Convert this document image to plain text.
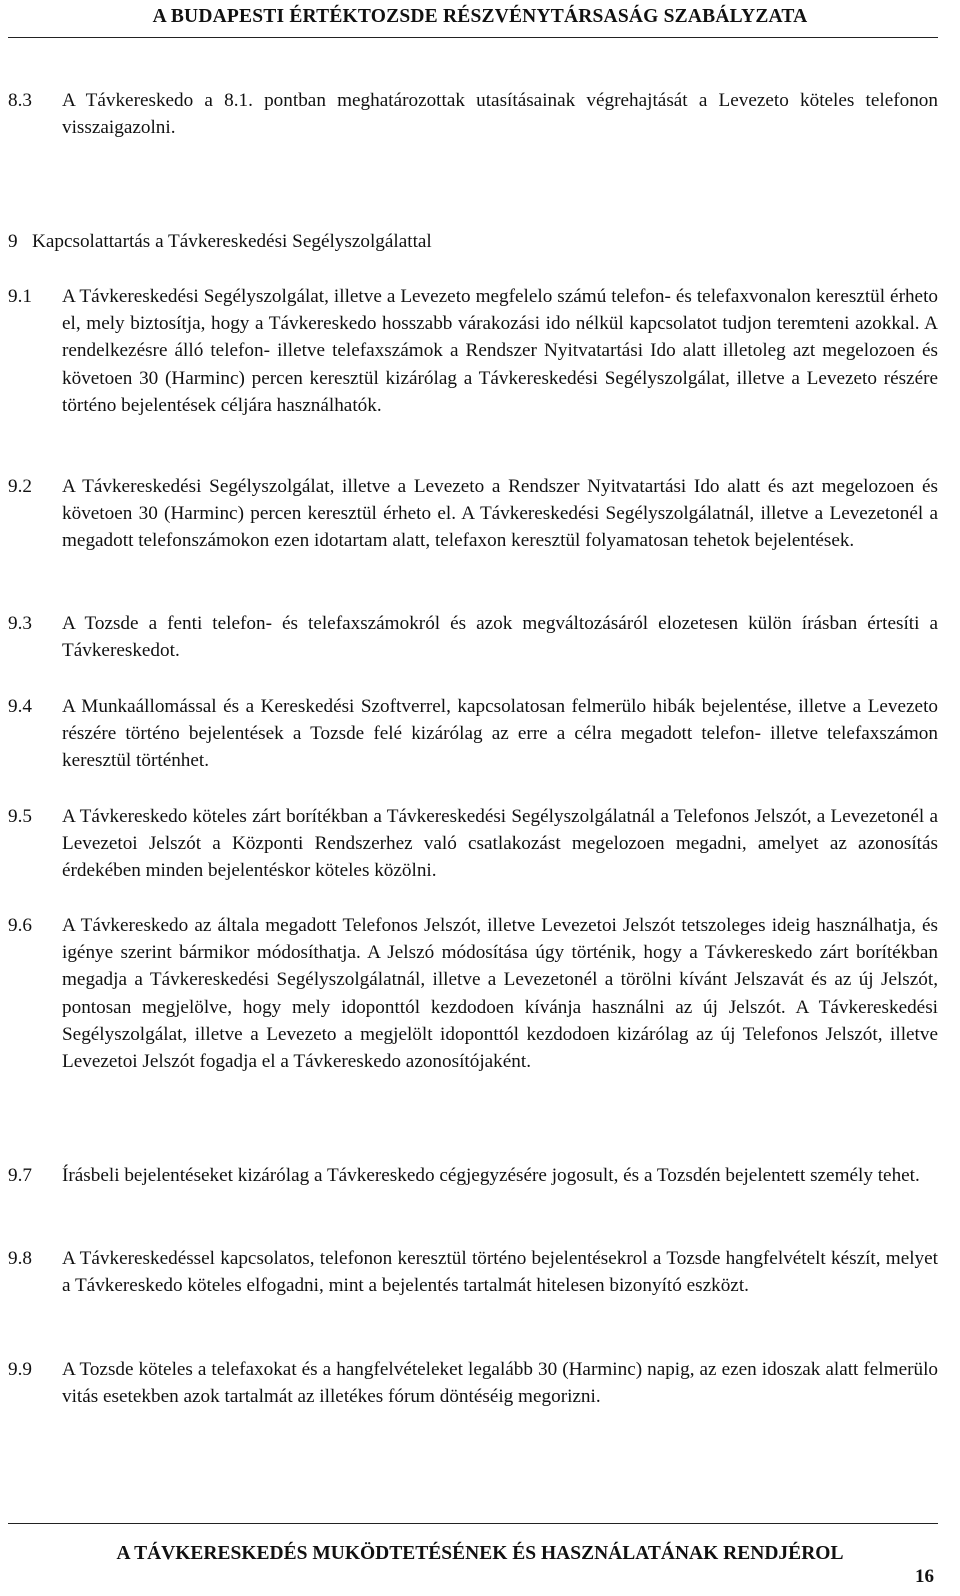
A BUDAPESTI ÉRTÉKTOZSDE RÉSZVÉNYTÁRSASÁG SZABÁLYZATA
8.3 A Távkereskedo a 8.1. pontban meghatározottak utasításainak végrehajtását a Levezeto köteles telefonon visszaigazolni.
9 Kapcsolattartás a Távkereskedési Segélyszolgálattal
9.1 A Távkereskedési Segélyszolgálat, illetve a Levezeto megfelelo számú telefon- és telefaxvonalon keresztül érheto el, mely biztosítja, hogy a Távkereskedo hosszabb várakozási ido nélkül kapcsolatot tudjon teremteni azokkal. A rendelkezésre álló telefon- illetve telefaxszámok a Rendszer Nyitvatartási Ido alatt illetoleg azt megelozoen és követoen 30 (Harminc) percen keresztül kizárólag a Távkereskedési Segélyszolgálat, illetve a Levezeto részére történo bejelentések céljára használhatók.
9.2 A Távkereskedési Segélyszolgálat, illetve a Levezeto a Rendszer Nyitvatartási Ido alatt és azt megelozoen és követoen 30 (Harminc) percen keresztül érheto el. A Távkereskedési Segélyszolgálatnál, illetve a Levezetonél a megadott telefonszámokon ezen idotartam alatt, telefaxon keresztül folyamatosan tehetok bejelentések.
9.3 A Tozsde a fenti telefon- és telefaxszámokról és azok megváltozásáról elozetesen külön írásban értesíti a Távkereskedot.
9.4 A Munkaállomással és a Kereskedési Szoftverrel, kapcsolatosan felmerülo hibák bejelentése, illetve a Levezeto részére történo bejelentések a Tozsde felé kizárólag az erre a célra megadott telefon- illetve telefaxszámon keresztül történhet.
9.5 A Távkereskedo köteles zárt borítékban a Távkereskedési Segélyszolgálatnál a Telefonos Jelszót, a Levezetonél a Levezetoi Jelszót a Központi Rendszerhez való csatlakozást megelozoen megadni, amelyet az azonosítás érdekében minden bejelentéskor köteles közölni.
9.6 A Távkereskedo az általa megadott Telefonos Jelszót, illetve Levezetoi Jelszót tetszoleges ideig használhatja, és igénye szerint bármikor módosíthatja. A Jelszó módosítása úgy történik, hogy a Távkereskedo zárt borítékban megadja a Távkereskedési Segélyszolgálatnál, illetve a Levezetonél a törölni kívánt Jelszavát és az új Jelszót, pontosan megjelölve, hogy mely idoponttól kezdodoen kívánja használni az új Jelszót. A Távkereskedési Segélyszolgálat, illetve a Levezeto a megjelölt idoponttól kezdodoen kizárólag az új Telefonos Jelszót, illetve Levezetoi Jelszót fogadja el a Távkereskedo azonosítójaként.
9.7 Írásbeli bejelentéseket kizárólag a Távkereskedo cégjegyzésére jogosult, és a Tozsdén bejelentett személy tehet.
9.8 A Távkereskedéssel kapcsolatos, telefonon keresztül történo bejelentésekrol a Tozsde hangfelvételt készít, melyet a Távkereskedo köteles elfogadni, mint a bejelentés tartalmát hitelesen bizonyító eszközt.
9.9 A Tozsde köteles a telefaxokat és a hangfelvételeket legalább 30 (Harminc) napig, az ezen idoszak alatt felmerülo vitás esetekben azok tartalmát az illetékes fórum döntéséig megorizni.
A TÁVKERESKEDÉS MUKÖDTETÉSÉNEK ÉS HASZNÁLATÁNAK RENDJÉROL
16
